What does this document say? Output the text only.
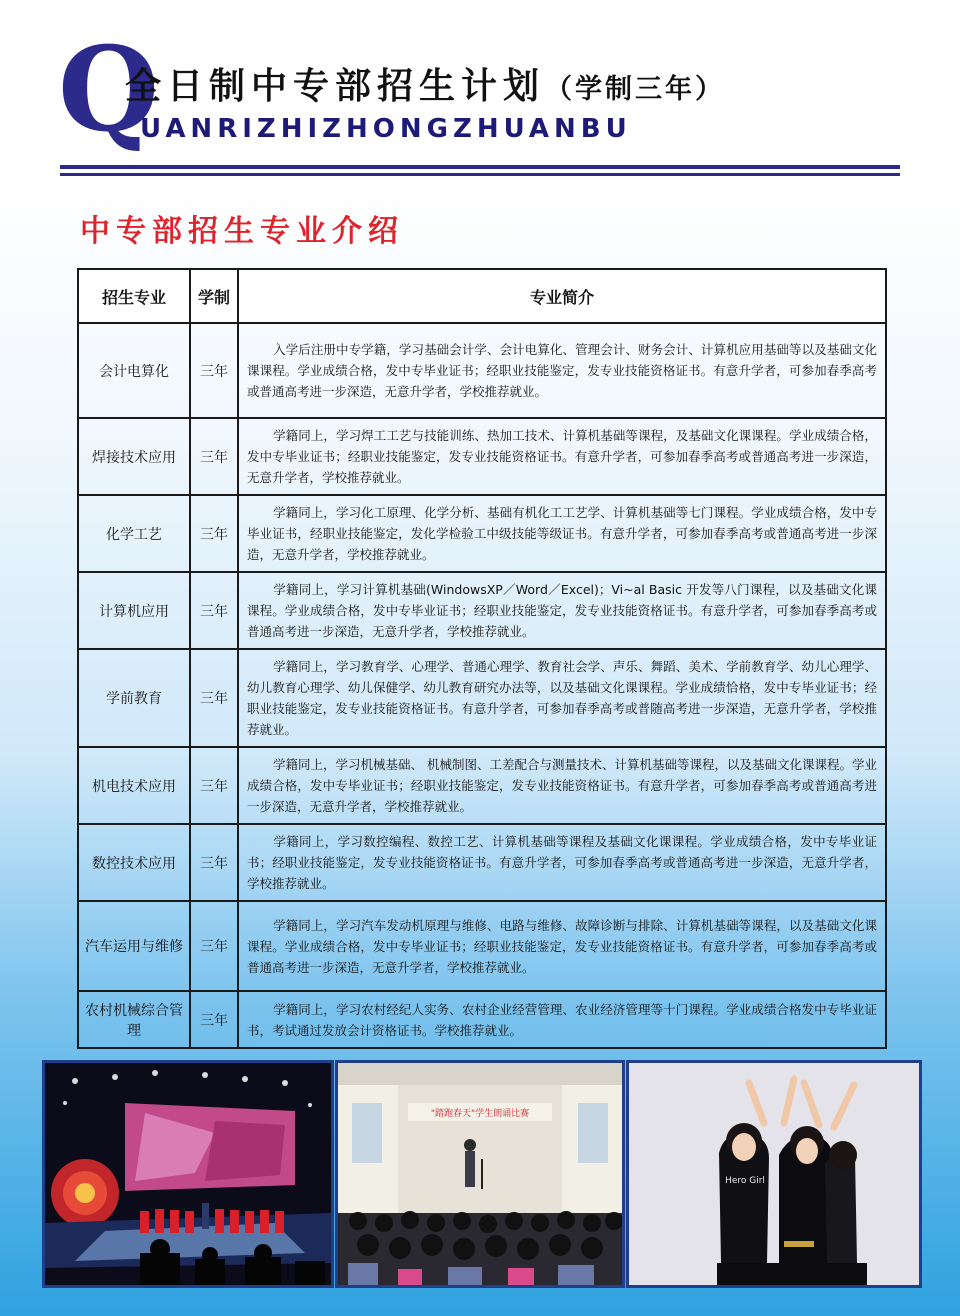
Q
全日制中专部招生计划（学制三年）
UANRIZHIZHONGZHUANBU
中专部招生专业介绍
招生专业	学制	专业简介
会计电算化	三年	入学后注册中专学籍，学习基础会计学、会计电算化、管理会计、财务会计、计算机应用基础等以及基础文化课课程。学业成绩合格，发中专毕业证书；经职业技能鉴定，发专业技能资格证书。有意升学者，可参加春季高考或普通高考进一步深造，无意升学者，学校推荐就业。
焊接技术应用	三年	学籍同上，学习焊工工艺与技能训练、热加工技术、计算机基础等课程，及基础文化课课程。学业成绩合格，发中专毕业证书；经职业技能鉴定，发专业技能资格证书。有意升学者，可参加春季高考或普通高考进一步深造，无意升学者，学校推荐就业。
化学工艺	三年	学籍同上，学习化工原理、化学分析、基础有机化工工艺学、计算机基础等七门课程。学业成绩合格，发中专毕业证书，经职业技能鉴定，发化学检验工中级技能等级证书。有意升学者，可参加春季高考或普通高考进一步深造，无意升学者，学校推荐就业。
计算机应用	三年	学籍同上，学习计算机基础(WindowsXP／Word／Excel)；Vi~al Basic 开发等八门课程，以及基础文化课课程。学业成绩合格，发中专毕业证书；经职业技能鉴定，发专业技能资格证书。有意升学者，可参加春季高考或普通高考进一步深造，无意升学者，学校推荐就业。
学前教育	三年	学籍同上，学习教育学、心理学、普通心理学、教育社会学、声乐、舞蹈、美术、学前教育学、幼儿心理学、幼儿教育心理学、幼儿保健学、幼儿教育研究办法等，以及基础文化课课程。学业成绩恰格，发中专毕业证书；经职业技能鉴定，发专业技能资格证书。有意升学者，可参加春季高考或普随高考进一步深造，无意升学者，学校推荐就业。
机电技术应用	三年	学籍同上，学习机械基础、 机械制图、工差配合与测量技术、计算机基础等课程，以及基础文化课课程。学业成绩合格，发中专毕业证书；经职业技能鉴定，发专业技能资格证书。有意升学者，可参加春季高考或普通高考进一步深造，无意升学者，学校推荐就业。
数控技术应用	三年	学籍同上，学习数控编程、数控工艺、计算机基础等课程及基础文化课课程。学业成绩合格，发中专毕业证书；经职业技能鉴定，发专业技能资格证书。有意升学者，可参加春季高考或普通高考进一步深造，无意升学者，学校推荐就业。
汽车运用与维修	三年	学籍同上，学习汽车发动机原理与维修、电路与维修、故障诊断与排除、计算机基础等课程，以及基础文化课课程。学业成绩合格，发中专毕业证书；经职业技能鉴定，发专业技能资格证书。有意升学者，可参加春季高考或普通高考进一步深造，无意升学者，学校推荐就业。
农村机械综合管理	三年	学籍同上，学习农村经纪人实务、农村企业经营管理、农业经济管理等十门课程。学业成绩合格发中专毕业证书，考试通过发放会计资格证书。学校推荐就业。
"踏跑春天"学生朗诵比赛
Hero Girl
